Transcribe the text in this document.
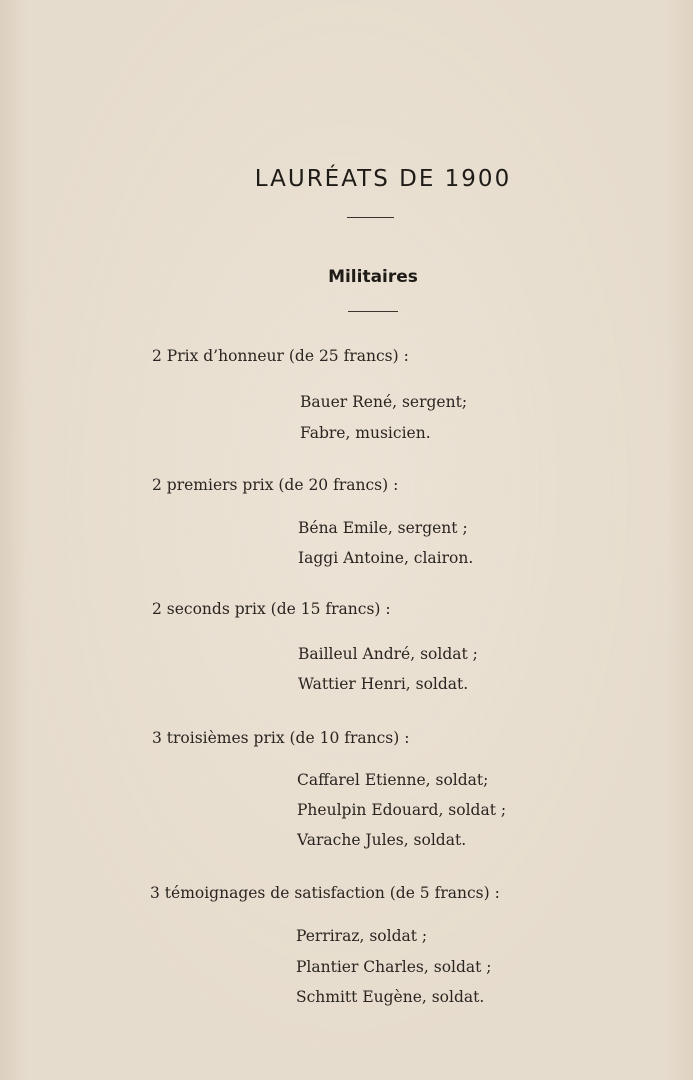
LAURÉATS DE 1900
Militaires
2 Prix d’honneur (de 25 francs) :
Bauer René, sergent;
Fabre, musicien.
2 premiers prix (de 20 francs) :
Béna Emile, sergent ;
Iaggi Antoine, clairon.
2 seconds prix (de 15 francs) :
Bailleul André, soldat ;
Wattier Henri, soldat.
3 troisièmes prix (de 10 francs) :
Caffarel Etienne, soldat;
Pheulpin Edouard, soldat ;
Varache Jules, soldat.
3 témoignages de satisfaction (de 5 francs) :
Perriraz, soldat ;
Plantier Charles, soldat ;
Schmitt Eugène, soldat.
